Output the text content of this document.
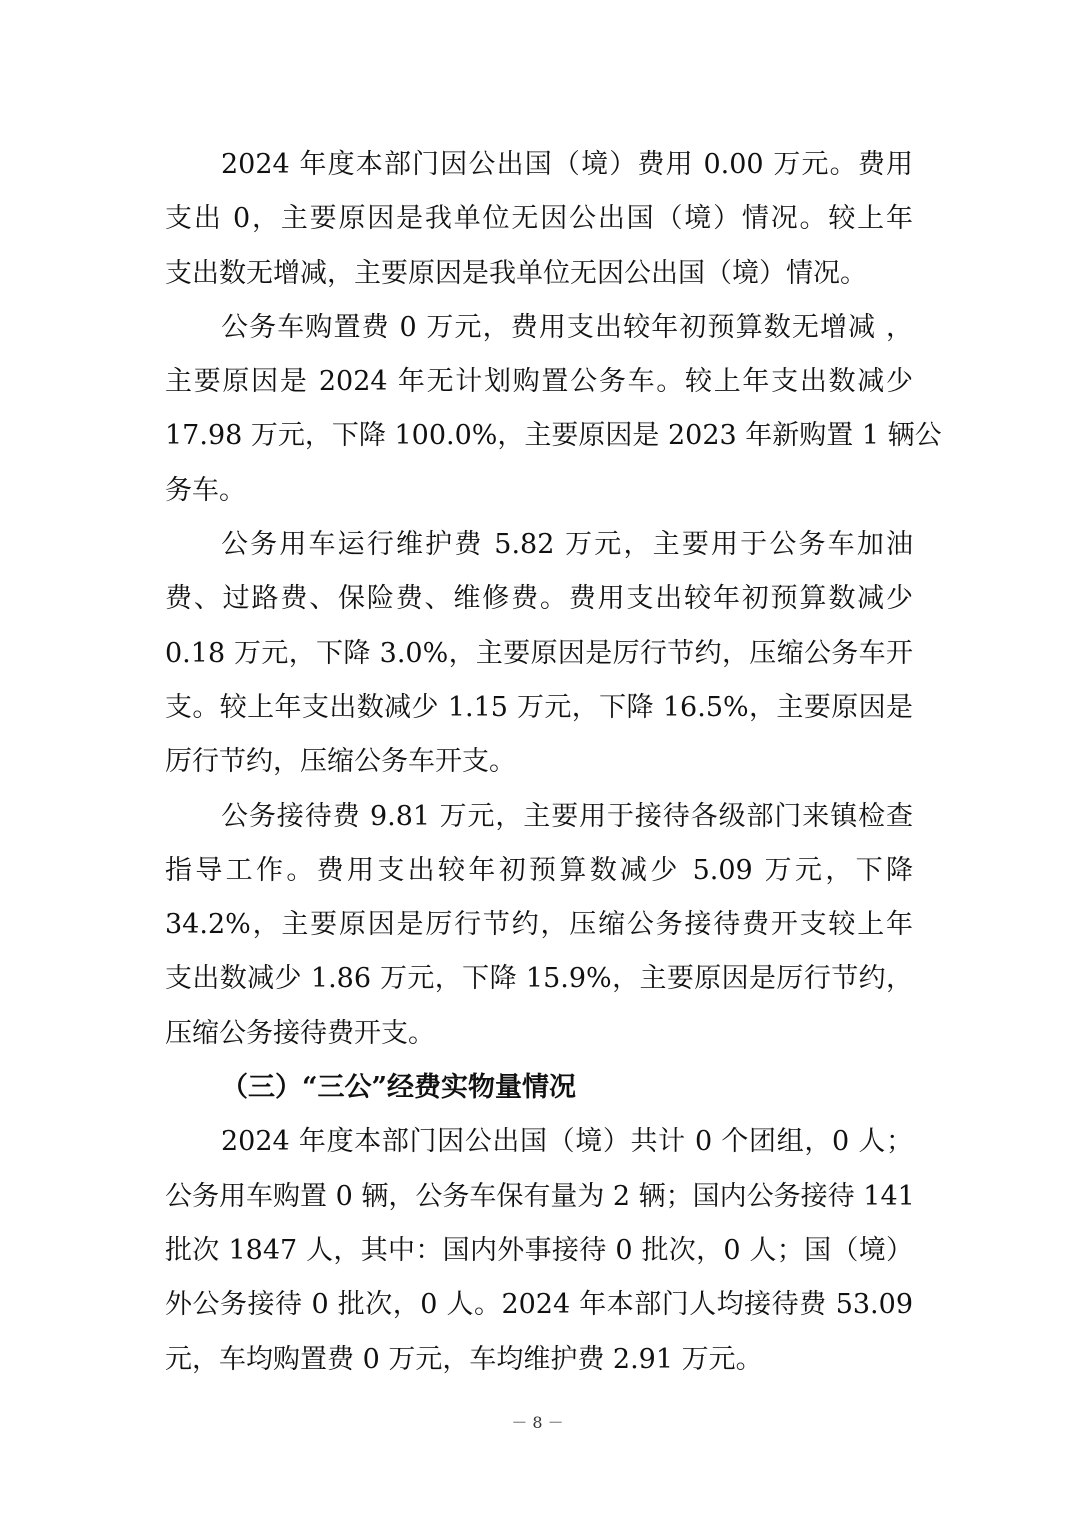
2024 年度本部门因公出国（境）费用 0.00 万元。费用
支出 0，主要原因是我单位无因公出国（境）情况。较上年
支出数无增减，主要原因是我单位无因公出国（境）情况。
公务车购置费 0 万元，费用支出较年初预算数无增减 ，
主要原因是 2024 年无计划购置公务车。较上年支出数减少
17.98 万元，下降 100.0%，主要原因是 2023 年新购置 1 辆公
务车。
公务用车运行维护费 5.82 万元，主要用于公务车加油
费、过路费、保险费、维修费。费用支出较年初预算数减少
0.18 万元，下降 3.0%，主要原因是厉行节约，压缩公务车开
支。较上年支出数减少 1.15 万元，下降 16.5%，主要原因是
厉行节约，压缩公务车开支。
公务接待费 9.81 万元，主要用于接待各级部门来镇检查
指导工作。费用支出较年初预算数减少 5.09 万元，下降
34.2%，主要原因是厉行节约，压缩公务接待费开支较上年
支出数减少 1.86 万元，下降 15.9%，主要原因是厉行节约，
压缩公务接待费开支。
（三）“三公”经费实物量情况
2024 年度本部门因公出国（境）共计 0 个团组，0 人；
公务用车购置 0 辆，公务车保有量为 2 辆；国内公务接待 141
批次 1847 人，其中：国内外事接待 0 批次，0 人；国（境）
外公务接待 0 批次，0 人。2024 年本部门人均接待费 53.09
元，车均购置费 0 万元，车均维护费 2.91 万元。
－ 8 －
